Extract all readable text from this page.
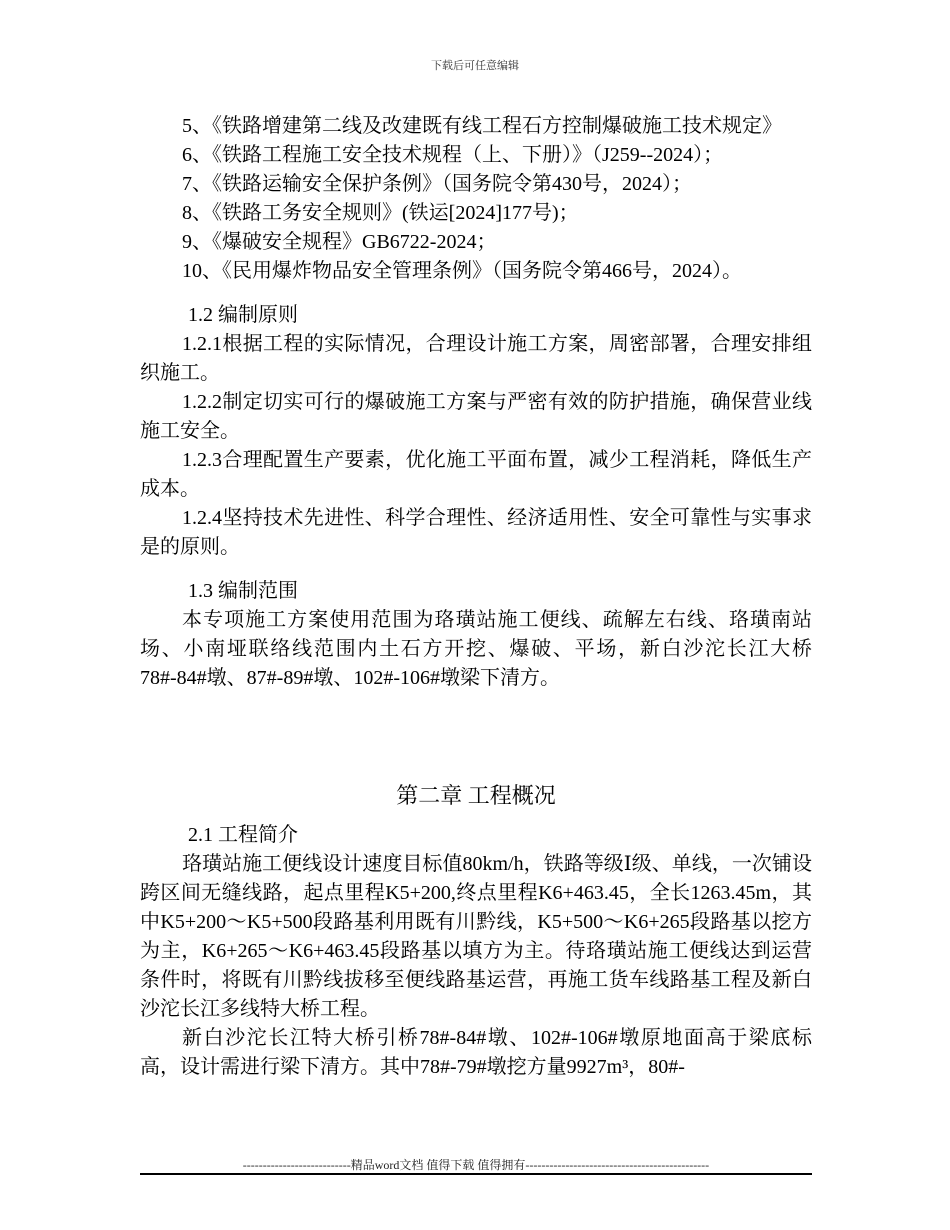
下载后可任意编辑

5、《铁路增建第二线及改建既有线工程石方控制爆破施工技术规定》

6、《铁路工程施工安全技术规程（上、下册）》（J259--2024）；

7、《铁路运输安全保护条例》（国务院令第430号，2024）；

8、《铁路工务安全规则》(铁运[2024]177号)；

9、《爆破安全规程》GB6722-2024；

10、《民用爆炸物品安全管理条例》（国务院令第466号，2024）。

1.2 编制原则

1.2.1根据工程的实际情况，合理设计施工方案，周密部署，合理安排组织施工。

1.2.2制定切实可行的爆破施工方案与严密有效的防护措施，确保营业线施工安全。

1.2.3合理配置生产要素，优化施工平面布置，减少工程消耗，降低生产成本。

1.2.4坚持技术先进性、科学合理性、经济适用性、安全可靠性与实事求是的原则。

1.3 编制范围

本专项施工方案使用范围为珞璜站施工便线、疏解左右线、珞璜南站场、小南垭联络线范围内土石方开挖、爆破、平场，新白沙沱长江大桥78#-84#墩、87#-89#墩、102#-106#墩梁下清方。

第二章 工程概况

2.1 工程简介

珞璜站施工便线设计速度目标值80km/h，铁路等级Ⅰ级、单线，一次铺设跨区间无缝线路，起点里程K5+200,终点里程K6+463.45，全长1263.45m，其中K5+200～K5+500段路基利用既有川黔线，K5+500～K6+265段路基以挖方为主，K6+265～K6+463.45段路基以填方为主。待珞璜站施工便线达到运营条件时，将既有川黔线拔移至便线路基运营，再施工货车线路基工程及新白沙沱长江多线特大桥工程。

新白沙沱长江特大桥引桥78#-84#墩、102#-106#墩原地面高于梁底标高，设计需进行梁下清方。其中78#-79#墩挖方量9927m³，80#-

---------------------------精品word文档 值得下载 值得拥有----------------------------------------------
